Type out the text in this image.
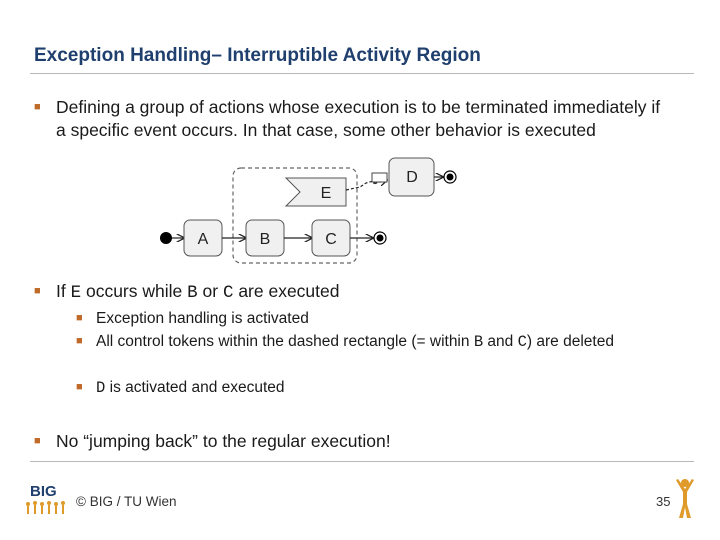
Exception Handling– Interruptible Activity Region
■ Defining a group of actions whose execution is to be terminated immediately if a specific event occurs. In that case, some other behavior is executed
A	B	C
E
D
■ If E occurs while B or C are executed
■ Exception handling is activated
■ All control tokens within the dashed rectangle (= within B and C) are deleted
■ D is activated and executed
■ No “jumping back” to the regular execution!
BIG
© BIG / TU Wien	35
